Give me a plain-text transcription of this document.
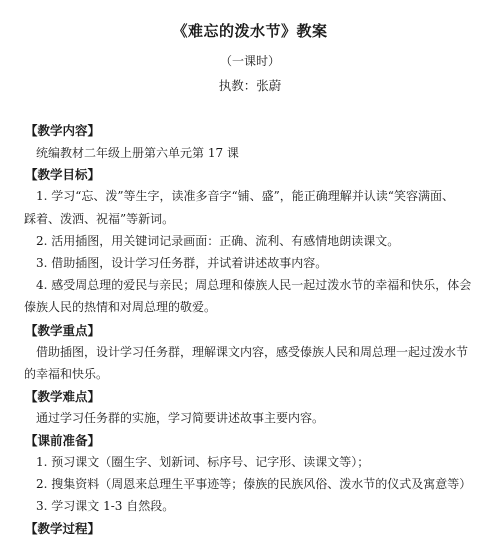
《难忘的泼水节》教案
（一课时）
执教：张蔚
【教学内容】
统编教材二年级上册第六单元第 17 课
【教学目标】
1. 学习“忘、泼”等生字，读准多音字“铺、盛”，能正确理解并认读“笑容满面、
踩着、泼洒、祝福”等新词。
2. 活用插图，用关键词记录画面：正确、流利、有感情地朗读课文。
3. 借助插图，设计学习任务群，并试着讲述故事内容。
4. 感受周总理的爱民与亲民；周总理和傣族人民一起过泼水节的幸福和快乐，体会
傣族人民的热情和对周总理的敬爱。
【教学重点】
借助插图，设计学习任务群，理解课文内容，感受傣族人民和周总理一起过泼水节
的幸福和快乐。
【教学难点】
通过学习任务群的实施，学习简要讲述故事主要内容。
【课前准备】
1. 预习课文（圈生字、划新词、标序号、记字形、读课文等）；
2. 搜集资料（周恩来总理生平事迹等；傣族的民族风俗、泼水节的仪式及寓意等）
3. 学习课文 1-3 自然段。
【教学过程】
